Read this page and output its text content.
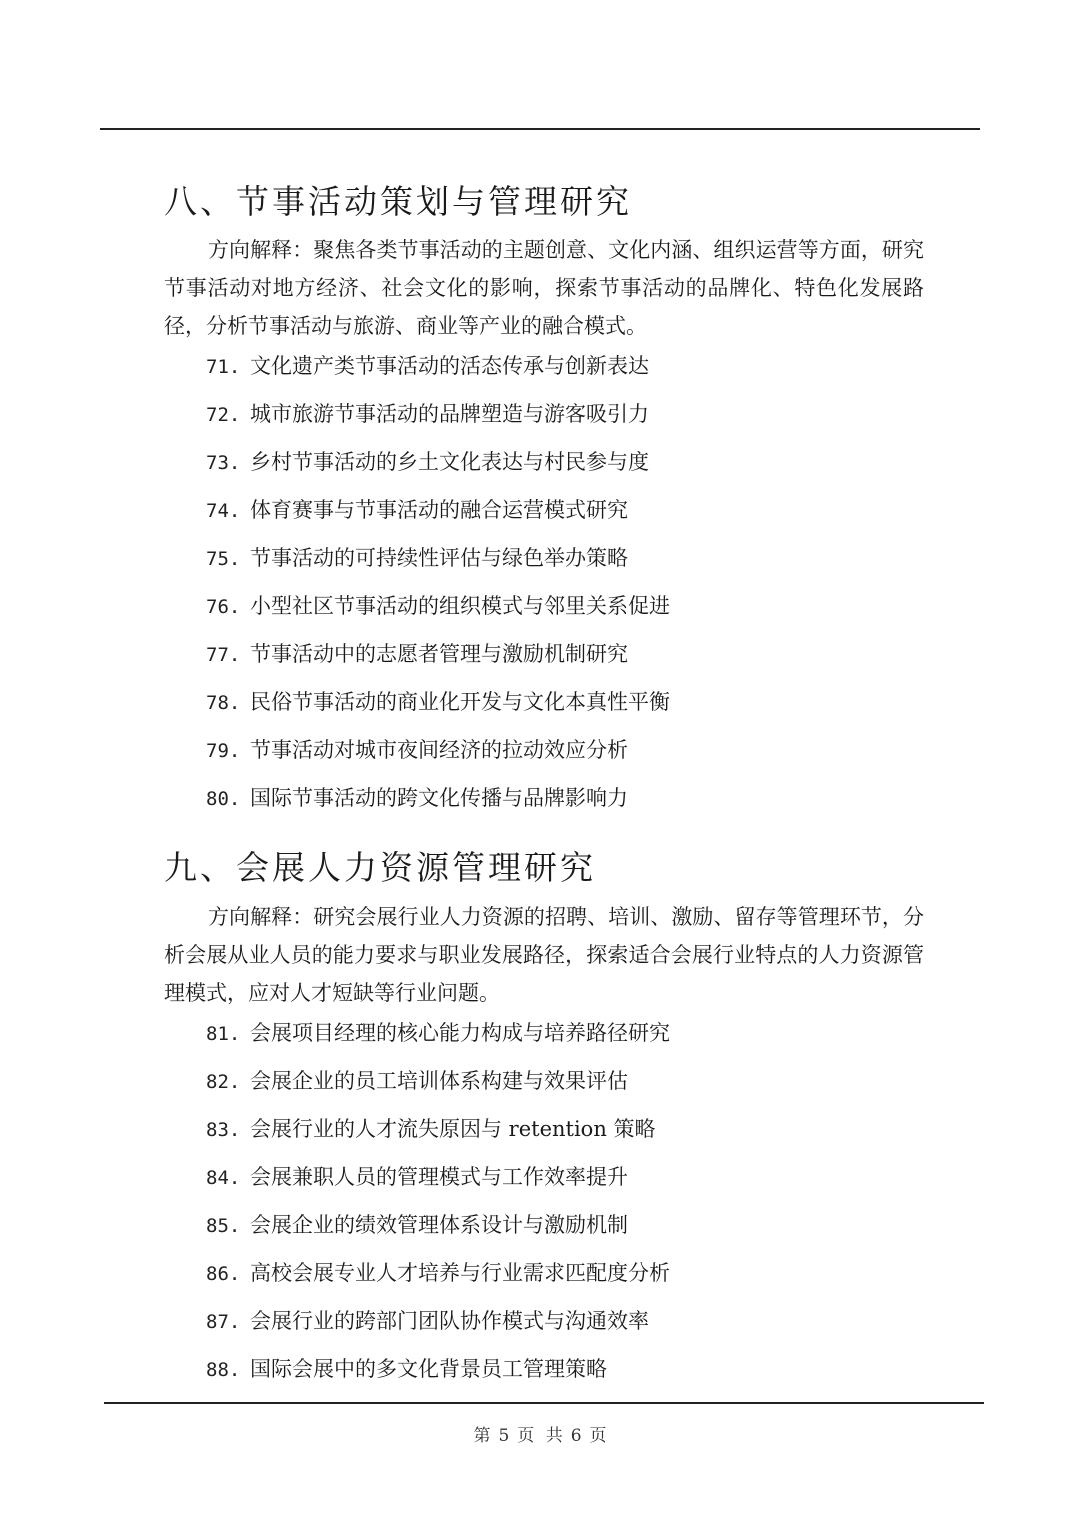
八、节事活动策划与管理研究

方向解释：聚焦各类节事活动的主题创意、文化内涵、组织运营等方面，研究节事活动对地方经济、社会文化的影响，探索节事活动的品牌化、特色化发展路径，分析节事活动与旅游、商业等产业的融合模式。

71. 文化遗产类节事活动的活态传承与创新表达
72. 城市旅游节事活动的品牌塑造与游客吸引力
73. 乡村节事活动的乡土文化表达与村民参与度
74. 体育赛事与节事活动的融合运营模式研究
75. 节事活动的可持续性评估与绿色举办策略
76. 小型社区节事活动的组织模式与邻里关系促进
77. 节事活动中的志愿者管理与激励机制研究
78. 民俗节事活动的商业化开发与文化本真性平衡
79. 节事活动对城市夜间经济的拉动效应分析
80. 国际节事活动的跨文化传播与品牌影响力
九、会展人力资源管理研究

方向解释：研究会展行业人力资源的招聘、培训、激励、留存等管理环节，分析会展从业人员的能力要求与职业发展路径，探索适合会展行业特点的人力资源管理模式，应对人才短缺等行业问题。

81. 会展项目经理的核心能力构成与培养路径研究
82. 会展企业的员工培训体系构建与效果评估
83. 会展行业的人才流失原因与 retention 策略
84. 会展兼职人员的管理模式与工作效率提升
85. 会展企业的绩效管理体系设计与激励机制
86. 高校会展专业人才培养与行业需求匹配度分析
87. 会展行业的跨部门团队协作模式与沟通效率
88. 国际会展中的多文化背景员工管理策略
第 5 页 共 6 页
